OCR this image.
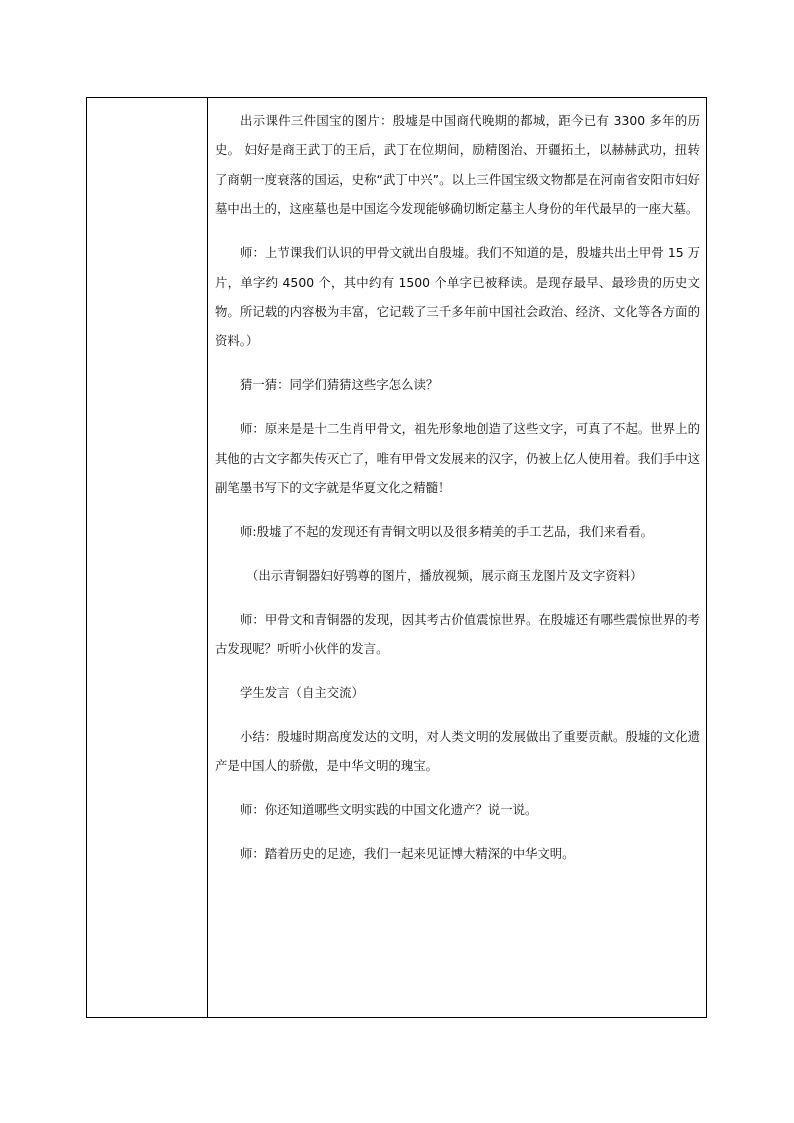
出示课件三件国宝的图片：殷墟是中国商代晚期的都城，距今已有 3300 多年的历史。 妇好是商王武丁的王后，武丁在位期间，励精图治、开疆拓土，以赫赫武功，扭转了商朝一度衰落的国运，史称“武丁中兴”。以上三件国宝级文物都是在河南省安阳市妇好墓中出土的，这座墓也是中国迄今发现能够确切断定墓主人身份的年代最早的一座大墓。

师：上节课我们认识的甲骨文就出自殷墟。我们不知道的是，殷墟共出土甲骨 15 万片，单字约 4500 个，其中约有 1500 个单字已被释读。是现存最早、最珍贵的历史文物。所记载的内容极为丰富，它记载了三千多年前中国社会政治、经济、文化等各方面的资料。）

猜一猜：同学们猜猜这些字怎么读？

师：原来是是十二生肖甲骨文，祖先形象地创造了这些文字，可真了不起。世界上的其他的古文字都失传灭亡了，唯有甲骨文发展来的汉字，仍被上亿人使用着。我们手中这副笔墨书写下的文字就是华夏文化之精髓！

师:殷墟了不起的发现还有青铜文明以及很多精美的手工艺品，我们来看看。

（出示青铜器妇好鸮尊的图片，播放视频，展示商玉龙图片及文字资料）

师：甲骨文和青铜器的发现，因其考古价值震惊世界。在殷墟还有哪些震惊世界的考古发现呢？听听小伙伴的发言。

学生发言（自主交流）

小结：殷墟时期高度发达的文明，对人类文明的发展做出了重要贡献。殷墟的文化遗产是中国人的骄傲，是中华文明的瑰宝。

师：你还知道哪些文明实践的中国文化遗产？说一说。

师：踏着历史的足迹，我们一起来见证博大精深的中华文明。
